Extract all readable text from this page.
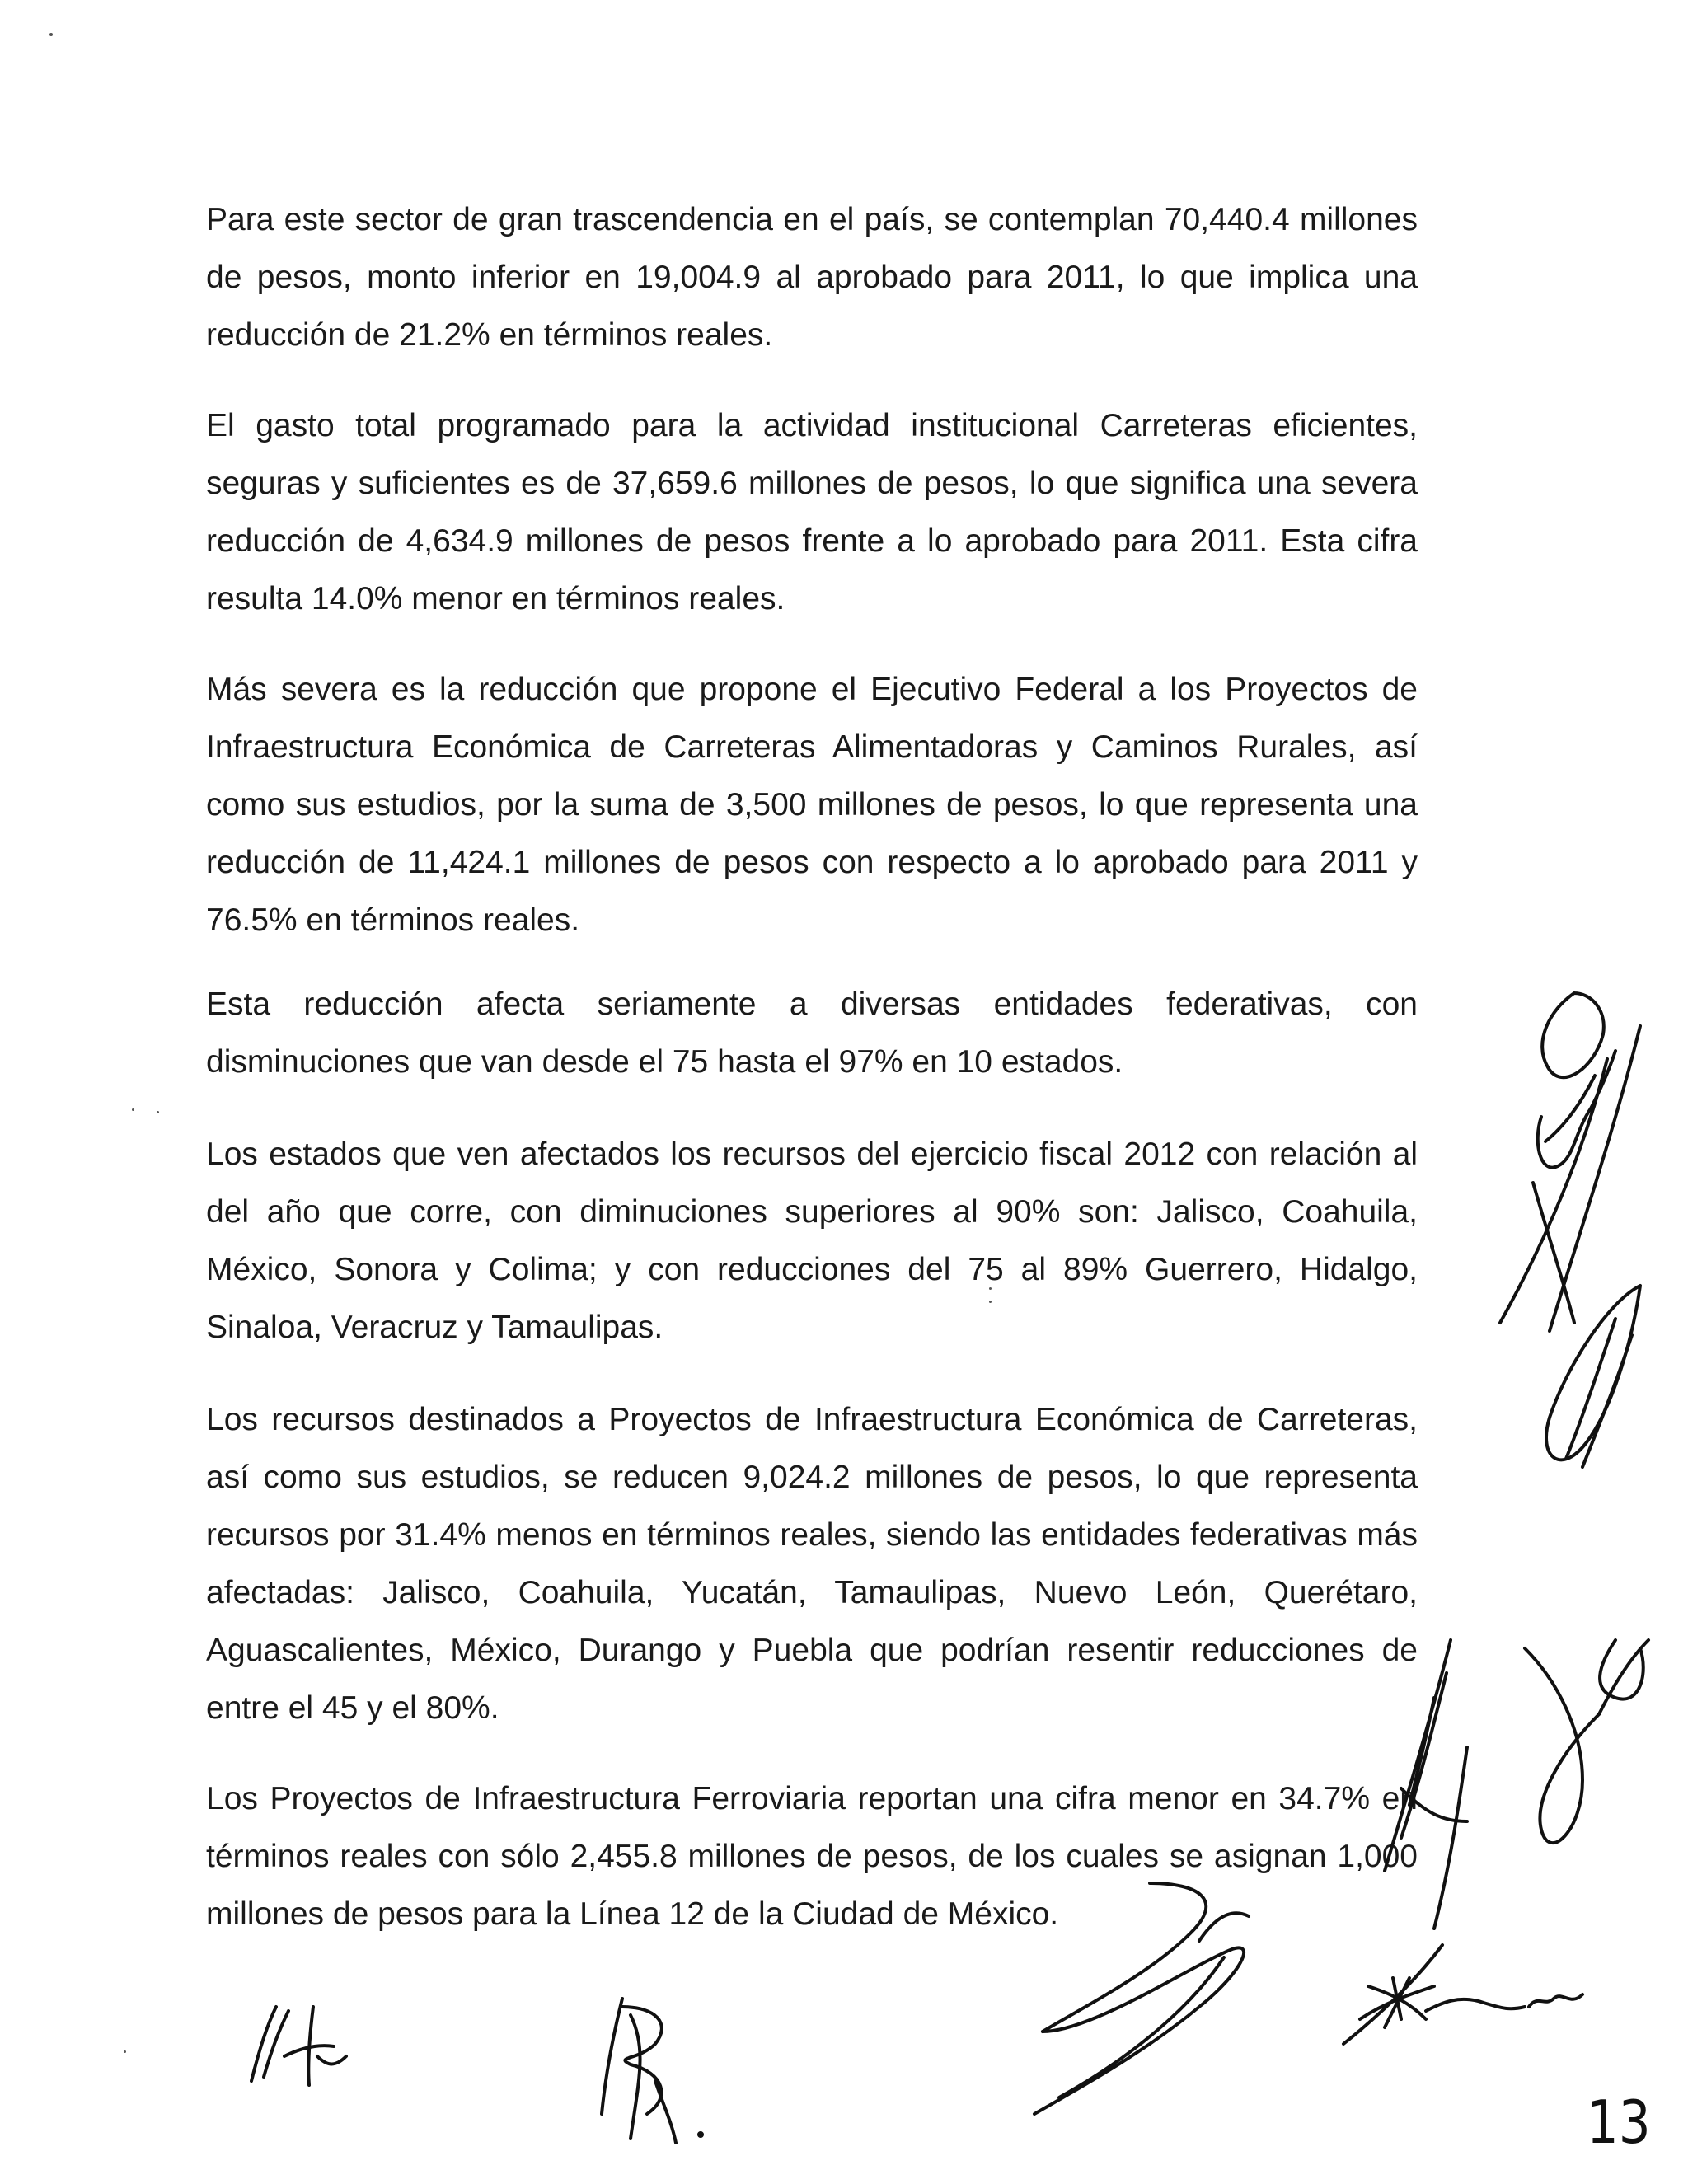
Para este sector de gran trascendencia en el país, se contemplan 70,440.4 millones de pesos, monto inferior en 19,004.9 al aprobado para 2011, lo que implica una reducción de 21.2% en términos reales.

El gasto total programado para la actividad institucional Carreteras eficientes, seguras y suficientes es de 37,659.6 millones de pesos, lo que significa una severa reducción de 4,634.9 millones de pesos frente a lo aprobado para 2011. Esta cifra resulta 14.0% menor en términos reales.

Más severa es la reducción que propone el Ejecutivo Federal a los Proyectos de Infraestructura Económica de Carreteras Alimentadoras y Caminos Rurales, así como sus estudios, por la suma de 3,500 millones de pesos, lo que representa una reducción de 11,424.1 millones de pesos con respecto a lo aprobado para 2011 y 76.5% en términos reales.

Esta reducción afecta seriamente a diversas entidades federativas, con disminuciones que van desde el 75 hasta el 97% en 10 estados.

Los estados que ven afectados los recursos del ejercicio fiscal 2012 con relación al del año que corre, con diminuciones superiores al 90% son: Jalisco, Coahuila, México, Sonora y Colima; y con reducciones del 75 al 89% Guerrero, Hidalgo, Sinaloa, Veracruz y Tamaulipas.

Los recursos destinados a Proyectos de Infraestructura Económica de Carreteras, así como sus estudios, se reducen 9,024.2 millones de pesos, lo que representa recursos por 31.4% menos en términos reales, siendo las entidades federativas más afectadas: Jalisco, Coahuila, Yucatán, Tamaulipas, Nuevo León, Querétaro, Aguascalientes, México, Durango y Puebla que podrían resentir reducciones de entre el 45 y el 80%.

Los Proyectos de Infraestructura Ferroviaria reportan una cifra menor en 34.7% en términos reales con sólo 2,455.8 millones de pesos, de los cuales se asignan 1,000 millones de pesos para la Línea 12 de la Ciudad de México.

13
